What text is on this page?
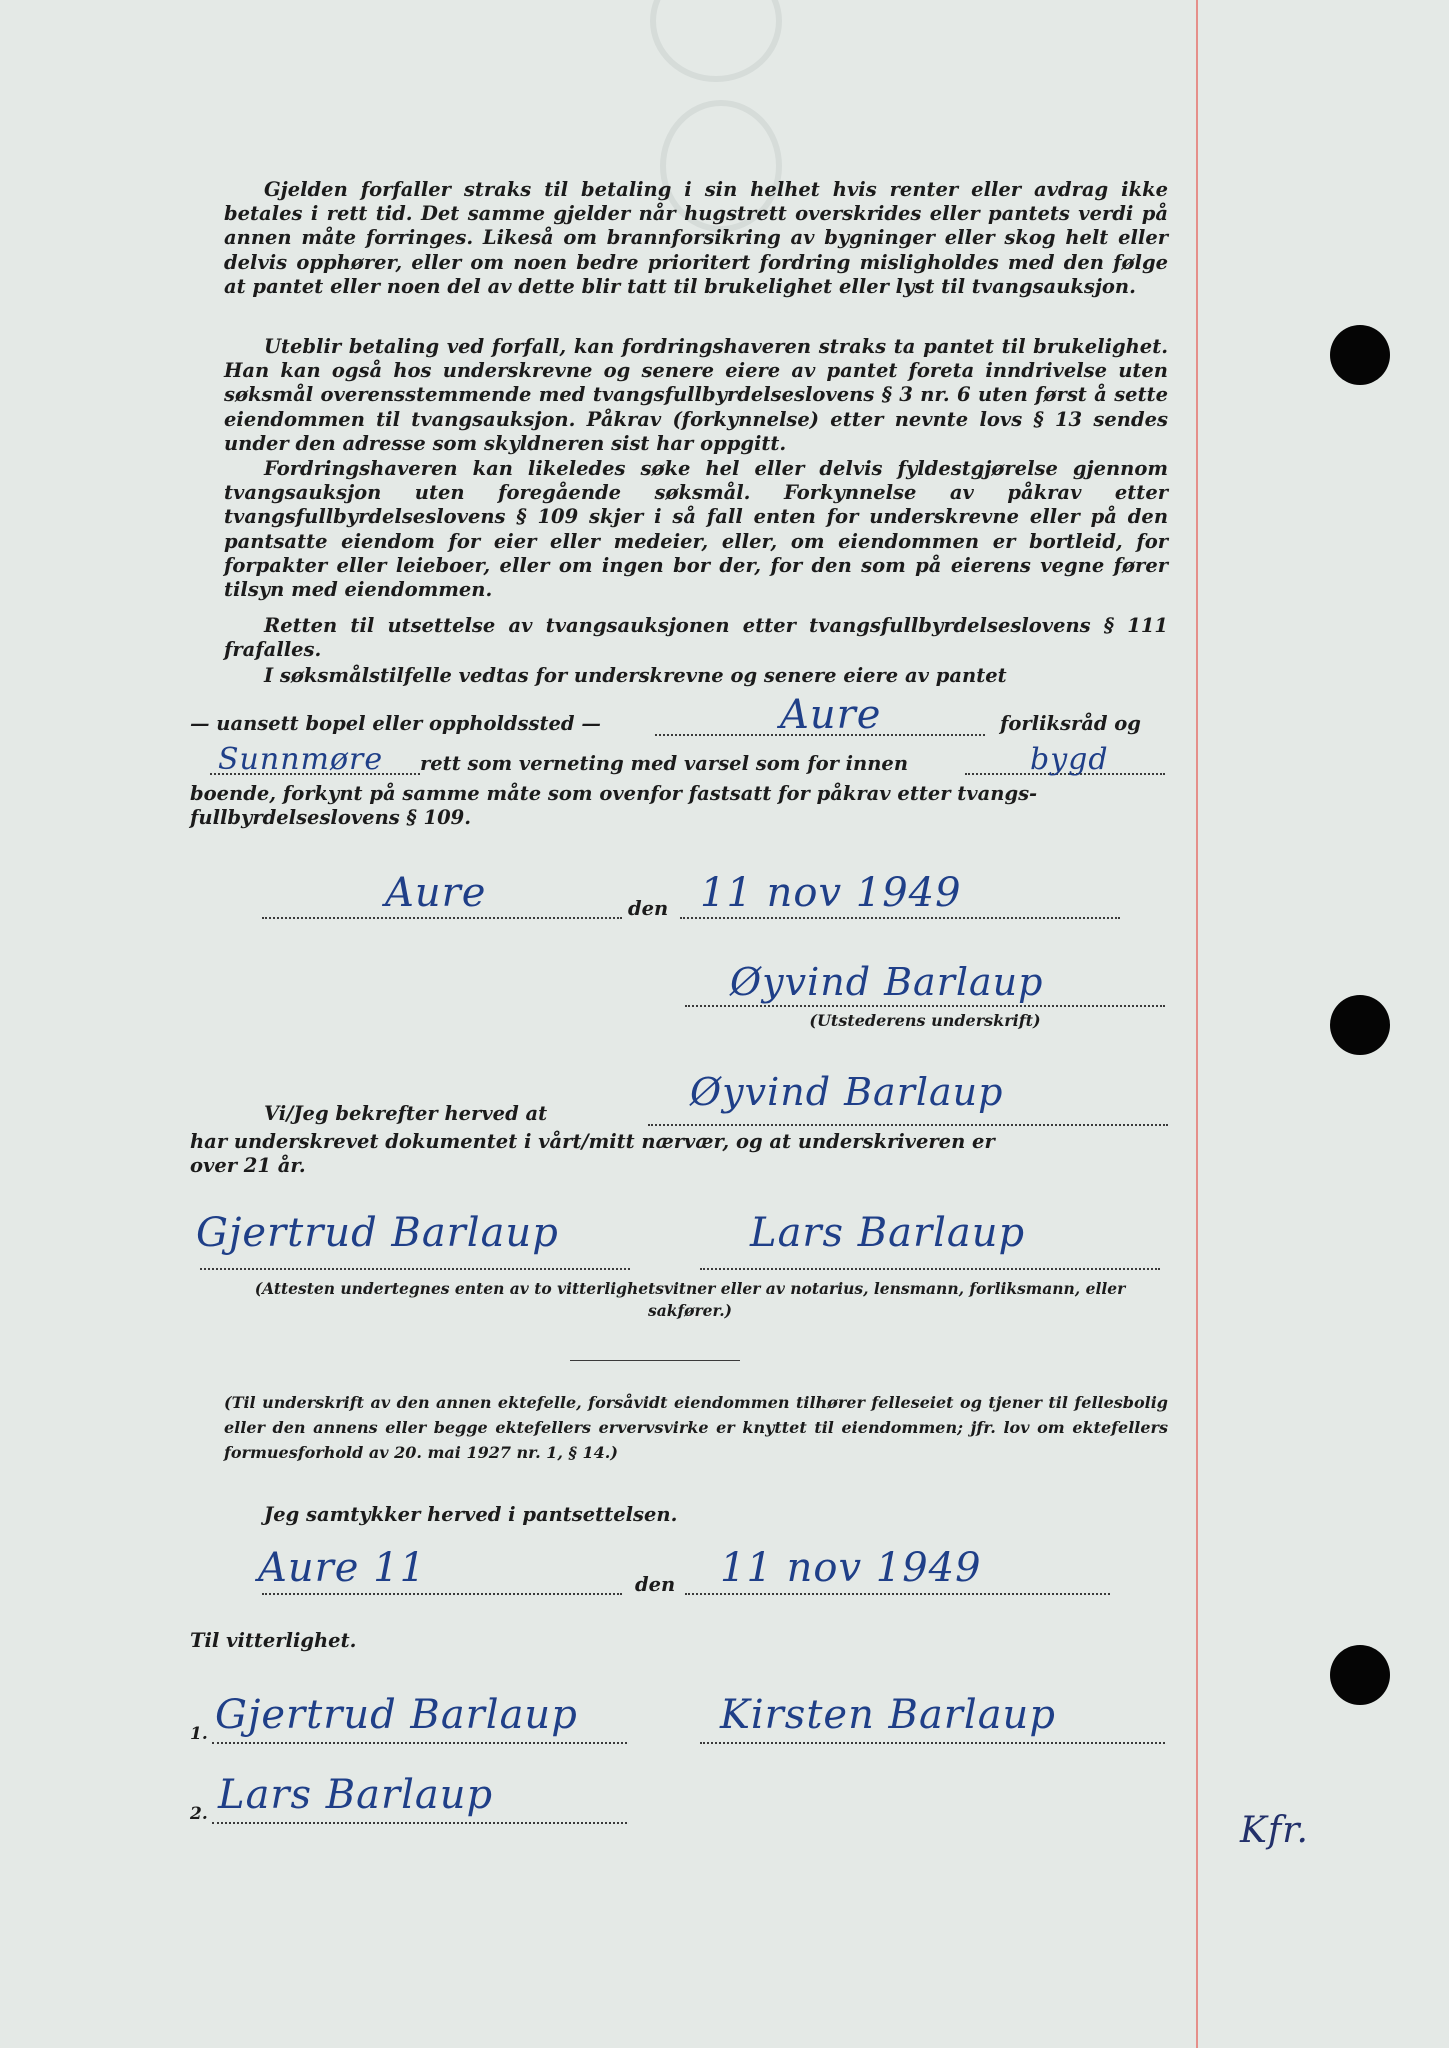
Gjelden forfaller straks til betaling i sin helhet hvis renter eller avdrag ikke betales i rett tid. Det samme gjelder når hugstrett overskrides eller pantets verdi på annen måte forringes. Likeså om brannforsikring av bygninger eller skog helt eller delvis opphører, eller om noen bedre prioritert fordring misligholdes med den følge at pantet eller noen del av dette blir tatt til brukelighet eller lyst til tvangsauksjon.

Uteblir betaling ved forfall, kan fordringshaveren straks ta pantet til brukelighet. Han kan også hos underskrevne og senere eiere av pantet foreta inndrivelse uten søksmål overensstemmende med tvangsfullbyrdelseslovens § 3 nr. 6 uten først å sette eiendommen til tvangsauksjon. Påkrav (forkynnelse) etter nevnte lovs § 13 sendes under den adresse som skyldneren sist har oppgitt.

Fordringshaveren kan likeledes søke hel eller delvis fyldestgjørelse gjennom tvangsauksjon uten foregående søksmål. Forkynnelse av påkrav etter tvangsfullbyrdelseslovens § 109 skjer i så fall enten for underskrevne eller på den pantsatte eiendom for eier eller medeier, eller, om eiendommen er bortleid, for forpakter eller leieboer, eller om ingen bor der, for den som på eierens vegne fører tilsyn med eiendommen.

Retten til utsettelse av tvangsauksjonen etter tvangsfullbyrdelseslovens § 111 frafalles.

I søksmålstilfelle vedtas for underskrevne og senere eiere av pantet

— uansett bopel eller oppholdssted —	Aure	forliksråd og

Sunnmøre rett som verneting med varsel som for innen	bygd

boende, forkynt på samme måte som ovenfor fastsatt for påkrav etter tvangs-

fullbyrdelseslovens § 109.

Aure	den 11 nov 1949

Øyvind Barlaup

(Utstederens underskrift)

Vi/Jeg bekrefter herved at	Øyvind Barlaup

har underskrevet dokumentet i vårt/mitt nærvær, og at underskriveren er

over 21 år.

Gjertrud Barlaup	Lars Barlaup

(Attesten undertegnes enten av to vitterlighetsvitner eller av notarius, lensmann, forliksmann, eller sakfører.)

(Til underskrift av den annen ektefelle, forsåvidt eiendommen tilhører felleseiet og tjener til fellesbolig eller den annens eller begge ektefellers ervervsvirke er knyttet til eiendommen; jfr. lov om ektefellers formuesforhold av 20. mai 1927 nr. 1, § 14.)

Jeg samtykker herved i pantsettelsen.

Aure 11	den	11 nov 1949

Til vitterlighet.

1. Gjertrud Barlaup	Kirsten Barlaup

2. Lars Barlaup

Kfr.
